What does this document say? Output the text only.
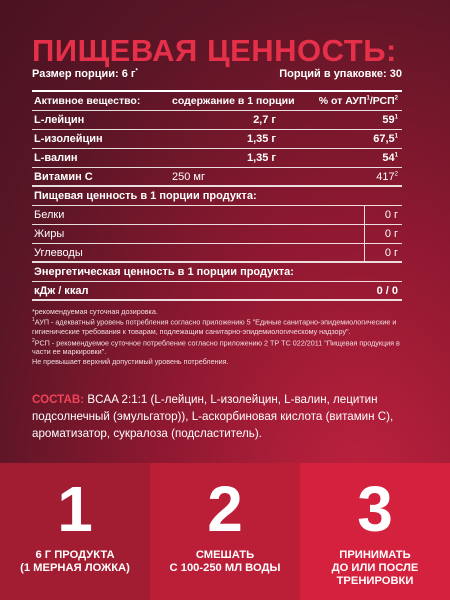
ПИЩЕВАЯ ЦЕННОСТЬ:
Размер порции: 6 г*	Порций в упаковке: 30
Активное вещество:	содержание в 1 порции	% от АУП$^1$/РСП$^2$
L-лейцин	2,7 г	$59^1$
L-изолейцин	1,35 г	67,5$^1$
L-валин	1,35 г	$54^1$
Витамин С	250 мг	$417^2$
Пищевая ценность в 1 порции продукта:
Белки	0 г
Жиры	0 г
Углеводы	0 г
Энергетическая ценность в 1 порции продукта:
кДж / ккал	0 / 0

*рекомендуемая суточная дозировка.

$^1$АУП - адекватный уровень потребления согласно приложению 5 "Единые санитарно-эпидемиологические и гигиенические требования к товарам, подлежащим санитарно-эпидемиологическому надзору".

$^2$РСП - рекомендуемое суточное потребление согласно приложению 2 ТР ТС 022/2011 "Пищевая продукция в части ее маркировки".

Не превышает верхний допустимый уровень потребления.

СОСТАВ: BCAA 2:1:1 (L-лейцин, L-изолейцин, L-валин, лецитин подсолнечный (эмульгатор)), L-аскорбиновая кислота (витамин С), ароматизатор, сукралоза (подсластитель).
1
6 Г ПРОДУКТА
(1 МЕРНАЯ ЛОЖКА)
2
СМЕШАТЬ
С 100-250 МЛ ВОДЫ
3
ПРИНИМАТЬ
ДО ИЛИ ПОСЛЕ
ТРЕНИРОВКИ
